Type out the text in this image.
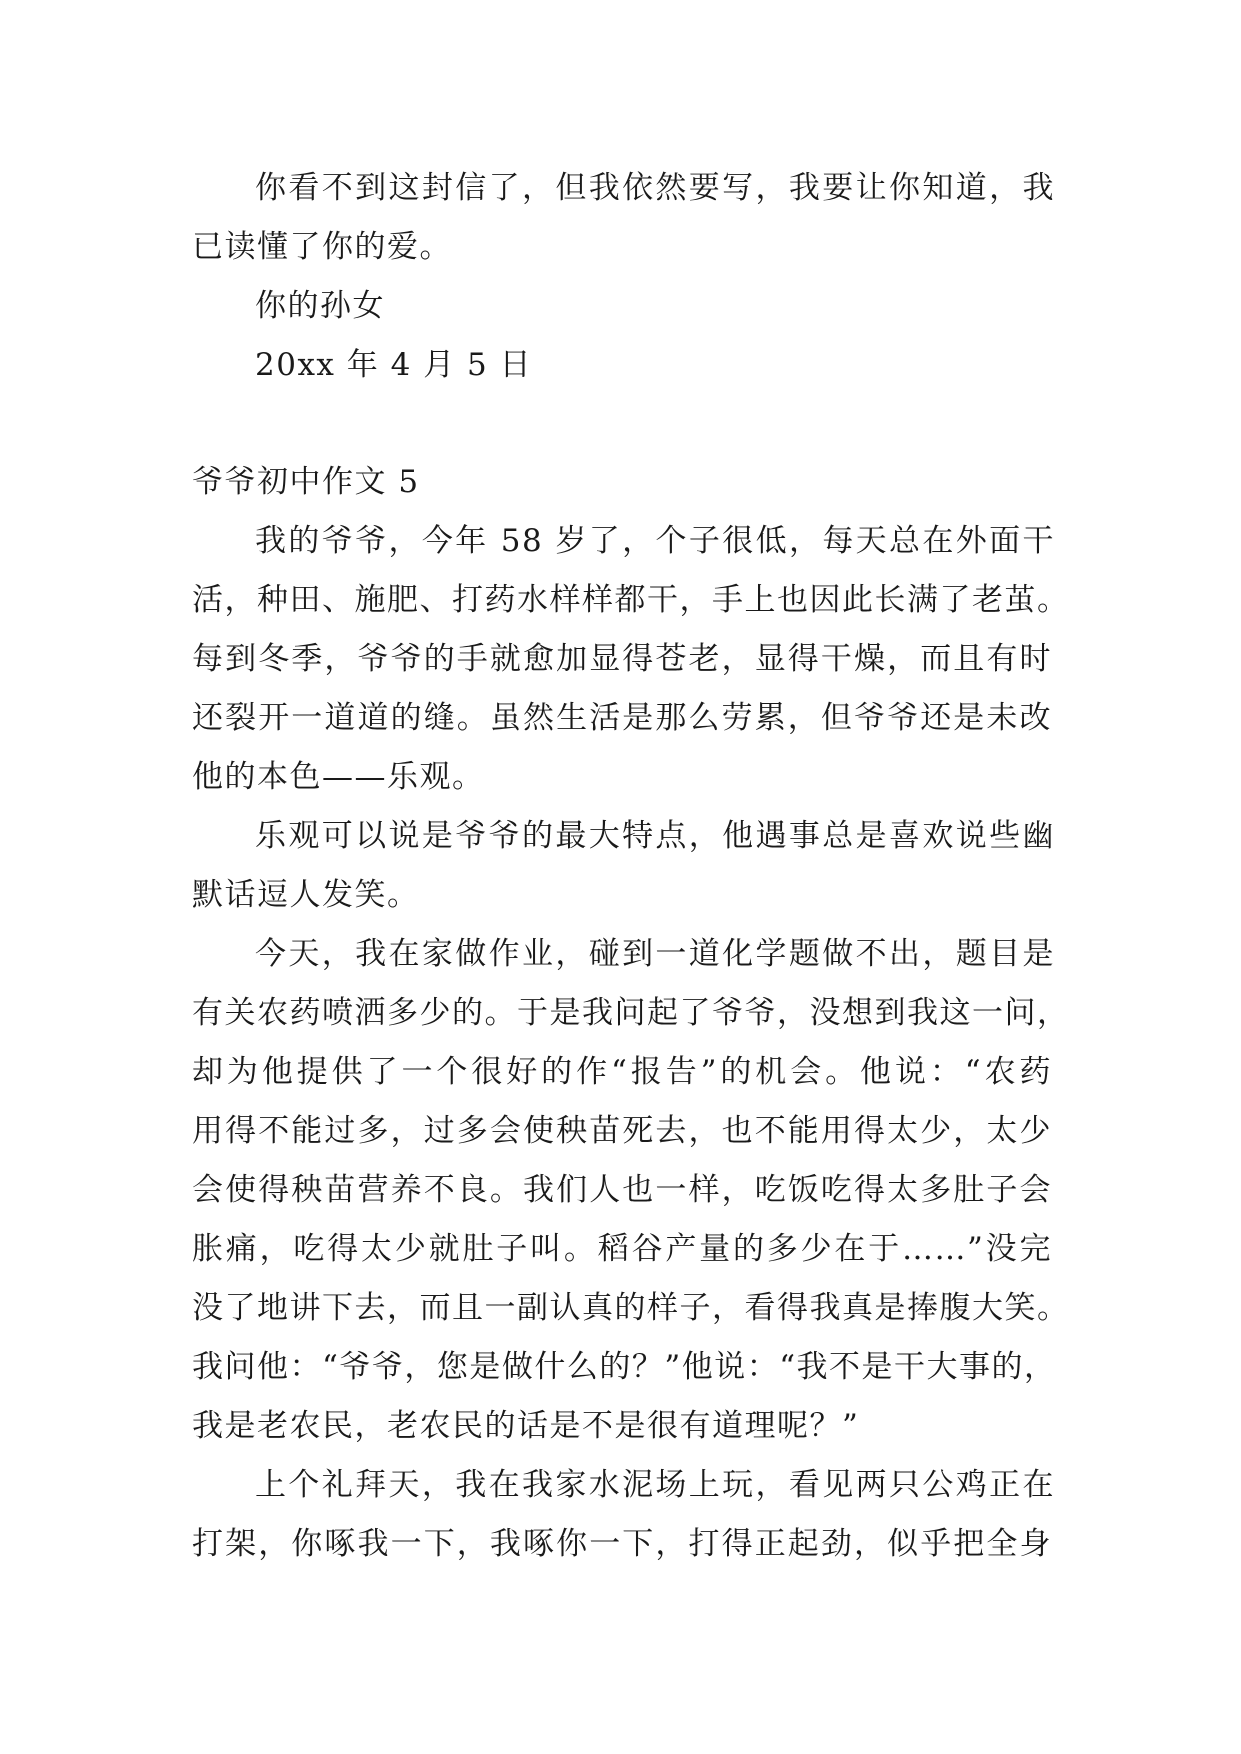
你看不到这封信了，但我依然要写，我要让你知道，我
已读懂了你的爱。
你的孙女
20xx 年 4 月 5 日
爷爷初中作文 5
我的爷爷，今年 58 岁了，个子很低，每天总在外面干
活，种田、施肥、打药水样样都干，手上也因此长满了老茧。
每到冬季，爷爷的手就愈加显得苍老，显得干燥，而且有时
还裂开一道道的缝。虽然生活是那么劳累，但爷爷还是未改
他的本色——乐观。
乐观可以说是爷爷的最大特点，他遇事总是喜欢说些幽
默话逗人发笑。
今天，我在家做作业，碰到一道化学题做不出，题目是
有关农药喷洒多少的。于是我问起了爷爷，没想到我这一问，
却为他提供了一个很好的作“报告”的机会。他说：“农药
用得不能过多，过多会使秧苗死去，也不能用得太少，太少
会使得秧苗营养不良。我们人也一样，吃饭吃得太多肚子会
胀痛，吃得太少就肚子叫。稻谷产量的多少在于……”没完
没了地讲下去，而且一副认真的样子，看得我真是捧腹大笑。
我问他：“爷爷，您是做什么的？”他说：“我不是干大事的，
我是老农民，老农民的话是不是很有道理呢？”
上个礼拜天，我在我家水泥场上玩，看见两只公鸡正在
打架，你啄我一下，我啄你一下，打得正起劲，似乎把全身
